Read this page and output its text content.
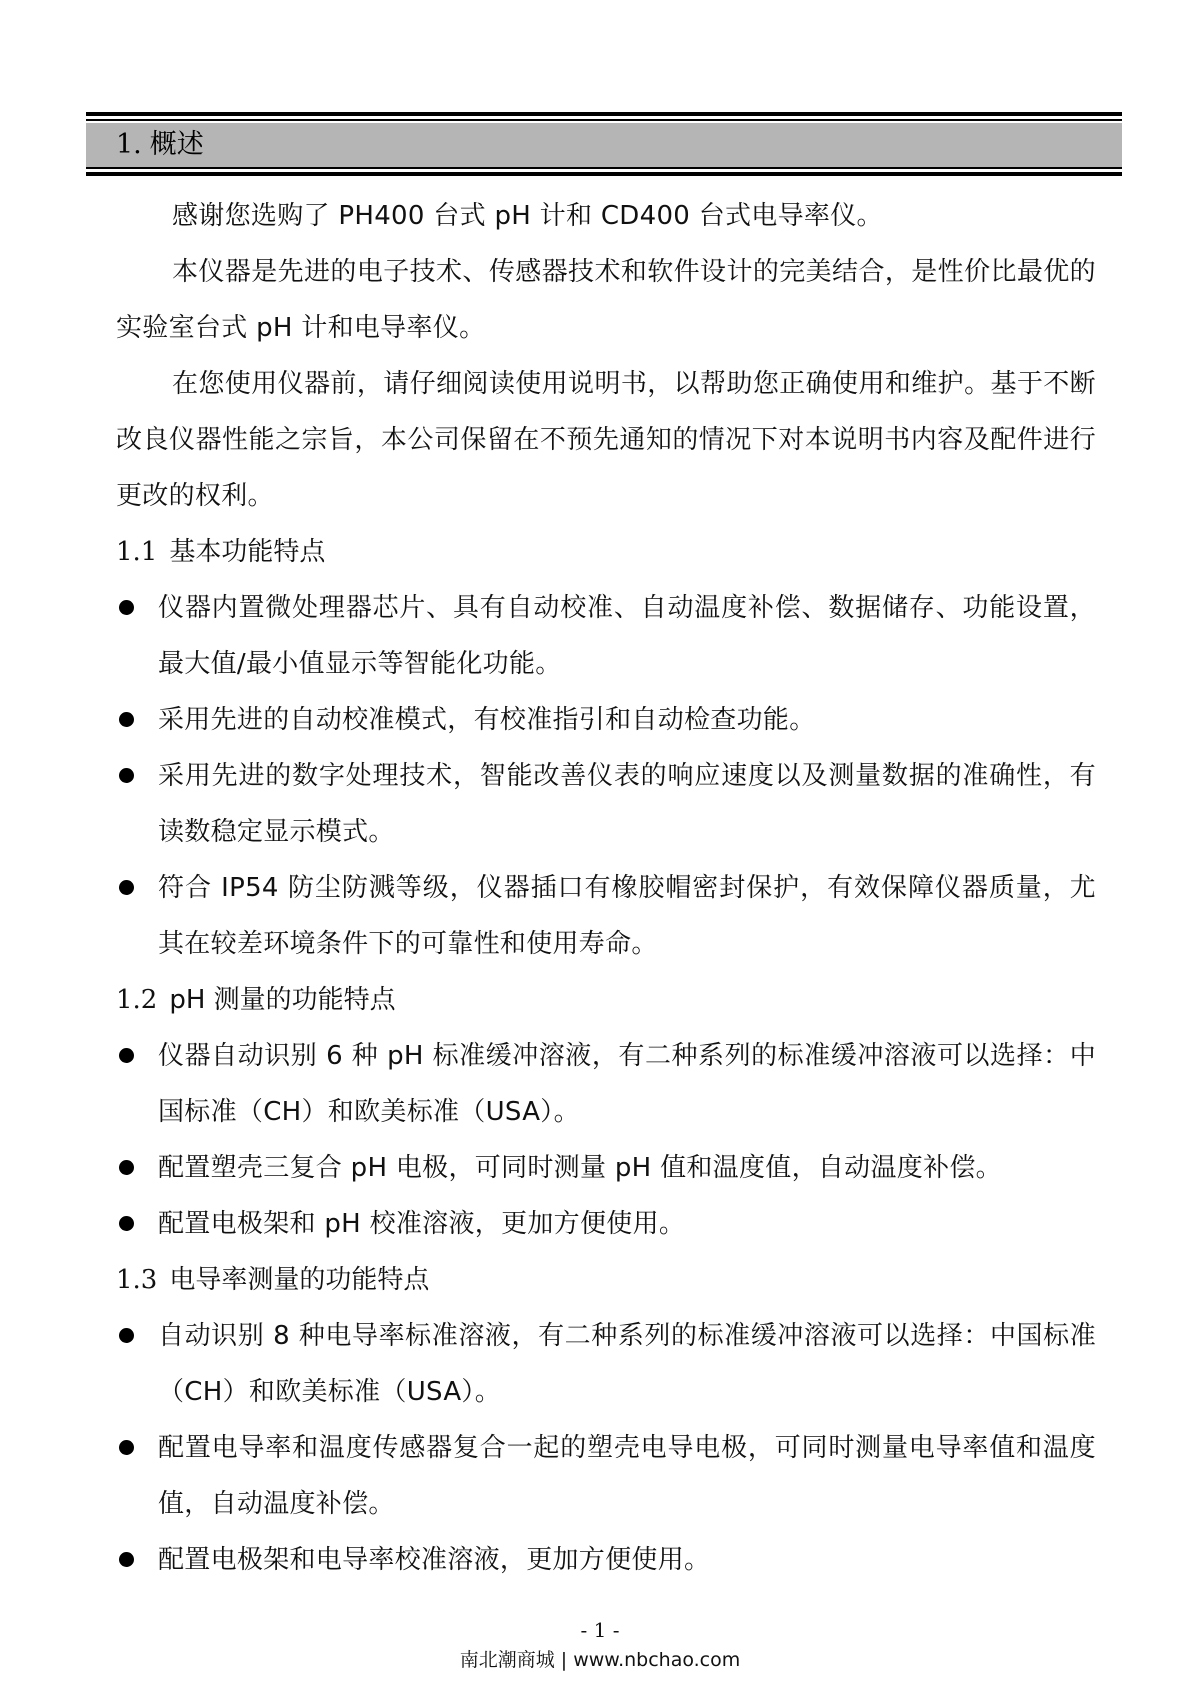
1. 概述

感谢您选购了 PH400 台式 pH 计和 CD400 台式电导率仪。

本仪器是先进的电子技术、传感器技术和软件设计的完美结合，是性价比最优的实验室台式 pH 计和电导率仪。

在您使用仪器前，请仔细阅读使用说明书，以帮助您正确使用和维护。基于不断改良仪器性能之宗旨，本公司保留在不预先通知的情况下对本说明书内容及配件进行更改的权利。

1.1 基本功能特点
仪器内置微处理器芯片、具有自动校准、自动温度补偿、数据储存、功能设置，最大值/最小值显示等智能化功能。
采用先进的自动校准模式，有校准指引和自动检查功能。
采用先进的数字处理技术，智能改善仪表的响应速度以及测量数据的准确性，有读数稳定显示模式。
符合 IP54 防尘防溅等级，仪器插口有橡胶帽密封保护，有效保障仪器质量，尤其在较差环境条件下的可靠性和使用寿命。
1.2 pH 测量的功能特点
仪器自动识别 6 种 pH 标准缓冲溶液，有二种系列的标准缓冲溶液可以选择：中国标准（CH）和欧美标准（USA）。
配置塑壳三复合 pH 电极，可同时测量 pH 值和温度值，自动温度补偿。
配置电极架和 pH 校准溶液，更加方便使用。
1.3 电导率测量的功能特点
自动识别 8 种电导率标准溶液，有二种系列的标准缓冲溶液可以选择：中国标准（CH）和欧美标准（USA）。
配置电导率和温度传感器复合一起的塑壳电导电极，可同时测量电导率值和温度值，自动温度补偿。
配置电极架和电导率校准溶液，更加方便使用。
- 1 -
南北潮商城 | www.nbchao.com
